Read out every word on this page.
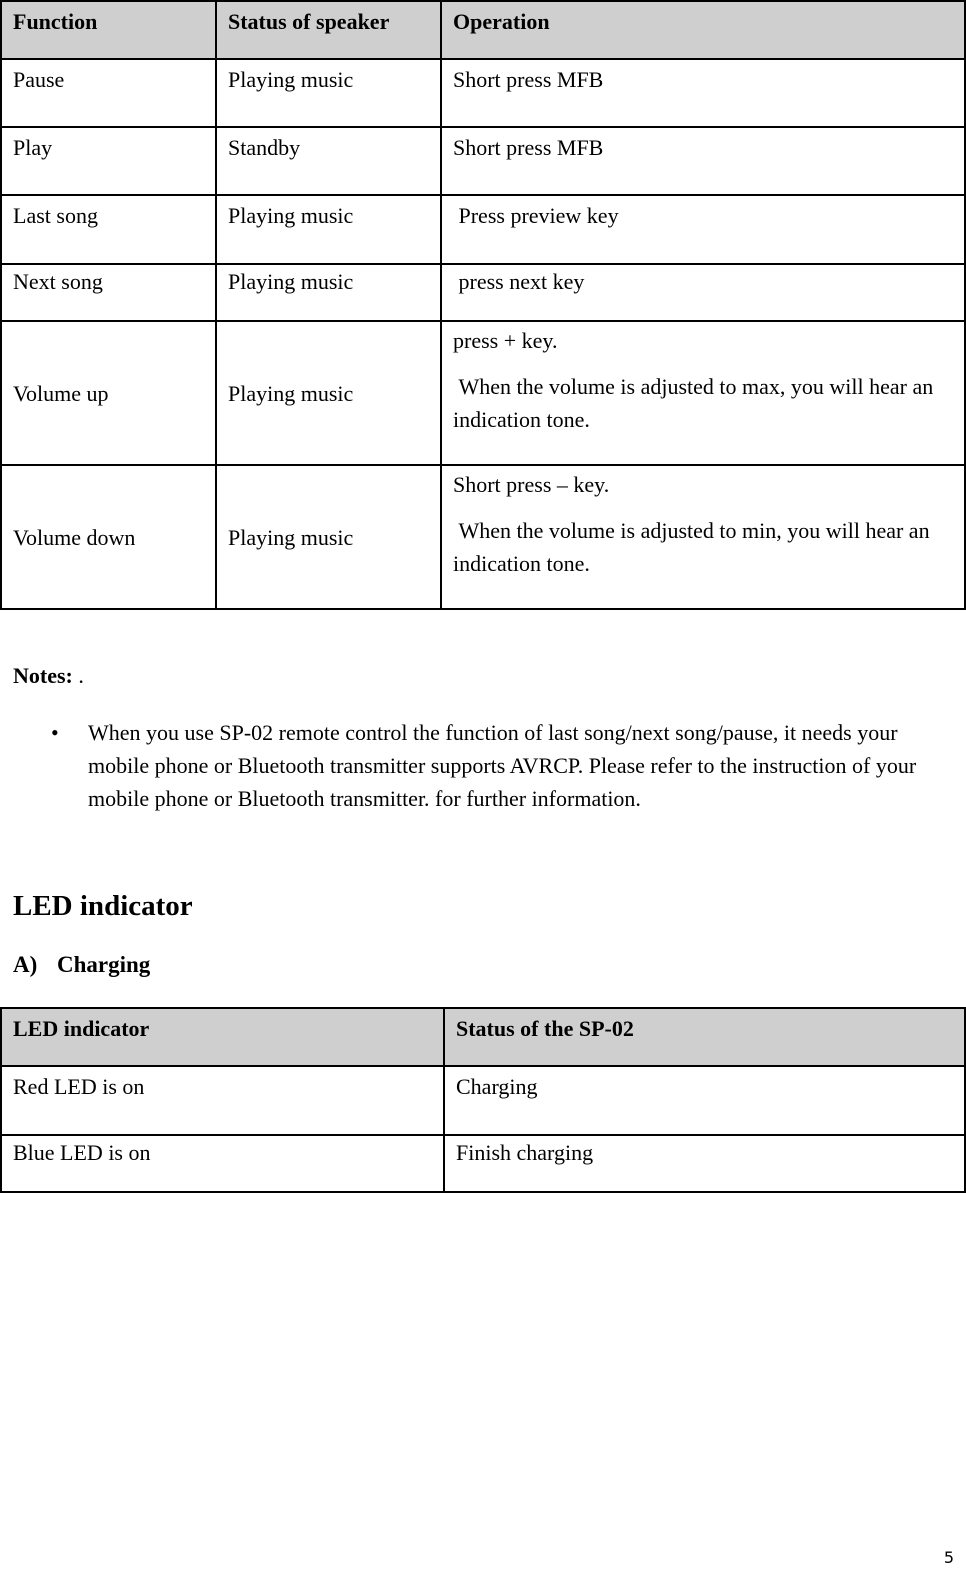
Function	Status of speaker	Operation
Pause	Playing music	Short press MFB
Play	Standby	Short press MFB
Last song	Playing music	Press preview key
Next song	Playing music	press next key
Volume up	Playing music	press + key.

When the volume is adjusted to max, you will hear an indication tone.

Volume down	Playing music	Short press – key.

When the volume is adjusted to min, you will hear an indication tone.

Notes: .
• When you use SP-02 remote control the function of last song/next song/pause, it needs your mobile phone or Bluetooth transmitter supports AVRCP. Please refer to the instruction of your mobile phone or Bluetooth transmitter. for further information.
LED indicator
A) Charging
LED indicator	Status of the SP-02
Red LED is on	Charging
Blue LED is on	Finish charging
5
